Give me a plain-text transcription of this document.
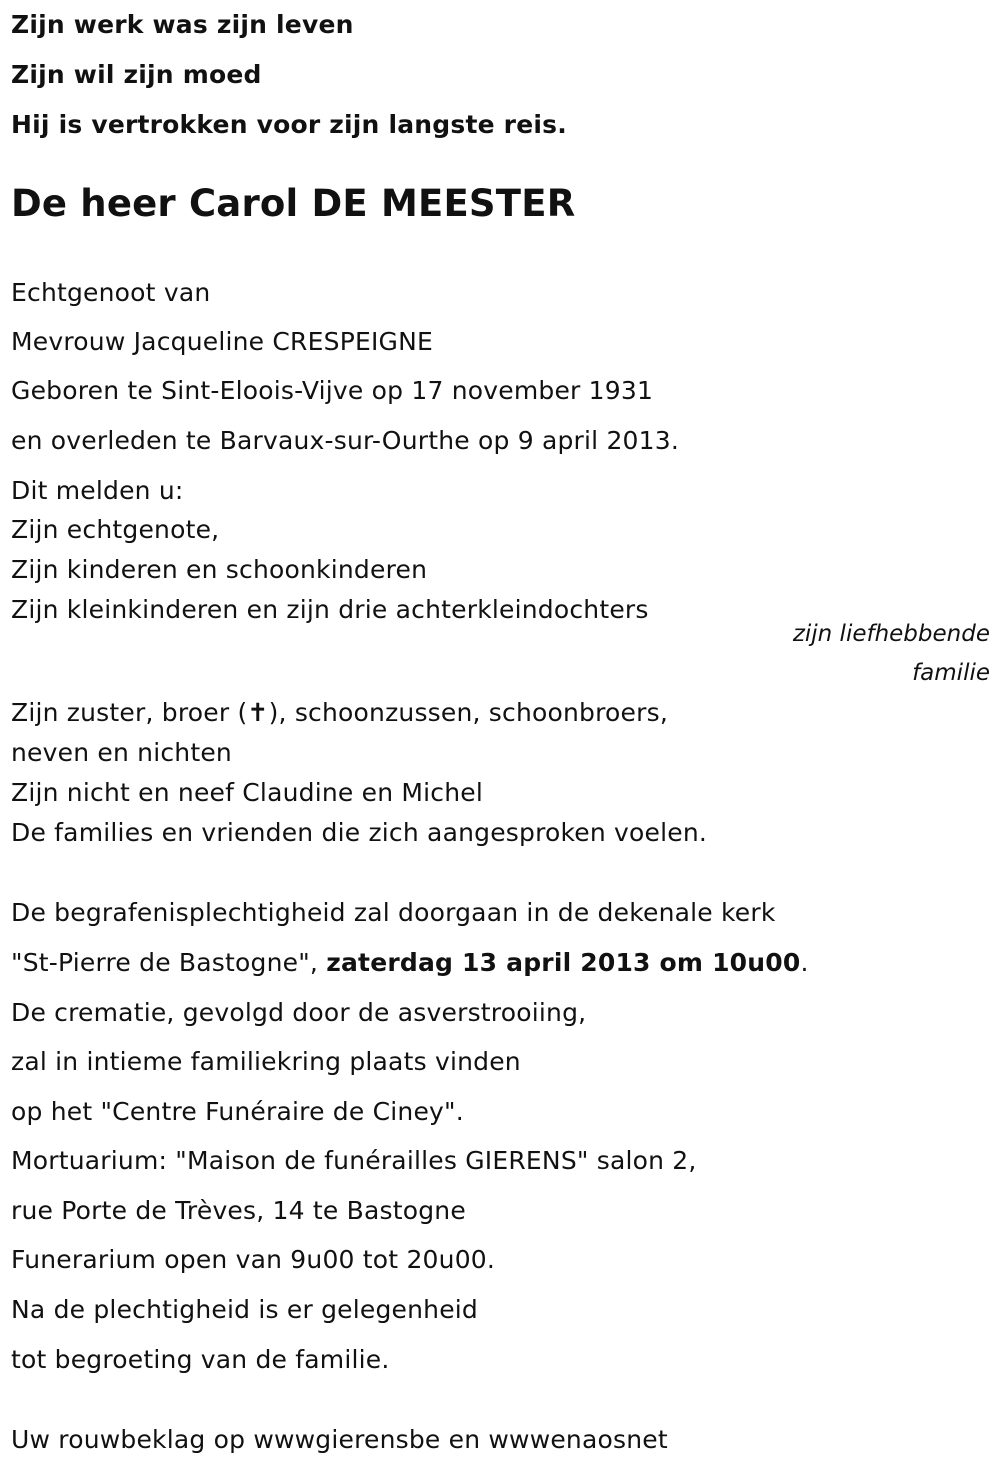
Zijn werk was zijn leven
Zijn wil zijn moed
Hij is vertrokken voor zijn langste reis.
De heer Carol DE MEESTER
Echtgenoot van
Mevrouw Jacqueline CRESPEIGNE
Geboren te Sint-Eloois-Vijve op 17 november 1931
en overleden te Barvaux-sur-Ourthe op 9 april 2013.
Dit melden u:
Zijn echtgenote,
Zijn kinderen en schoonkinderen
Zijn kleinkinderen en zijn drie achterkleindochters
zijn liefhebbende
familie
Zijn zuster, broer (✝), schoonzussen, schoonbroers,
neven en nichten
Zijn nicht en neef Claudine en Michel
De families en vrienden die zich aangesproken voelen.
De begrafenisplechtigheid zal doorgaan in de dekenale kerk
"St-Pierre de Bastogne", zaterdag 13 april 2013 om 10u00.
De crematie, gevolgd door de asverstrooiing,
zal in intieme familiekring plaats vinden
op het "Centre Funéraire de Ciney".
Mortuarium: "Maison de funérailles GIERENS" salon 2,
rue Porte de Trèves, 14 te Bastogne
Funerarium open van 9u00 tot 20u00.
Na de plechtigheid is er gelegenheid
tot begroeting van de familie.
Uw rouwbeklag op wwwgierensbe en wwwenaosnet
